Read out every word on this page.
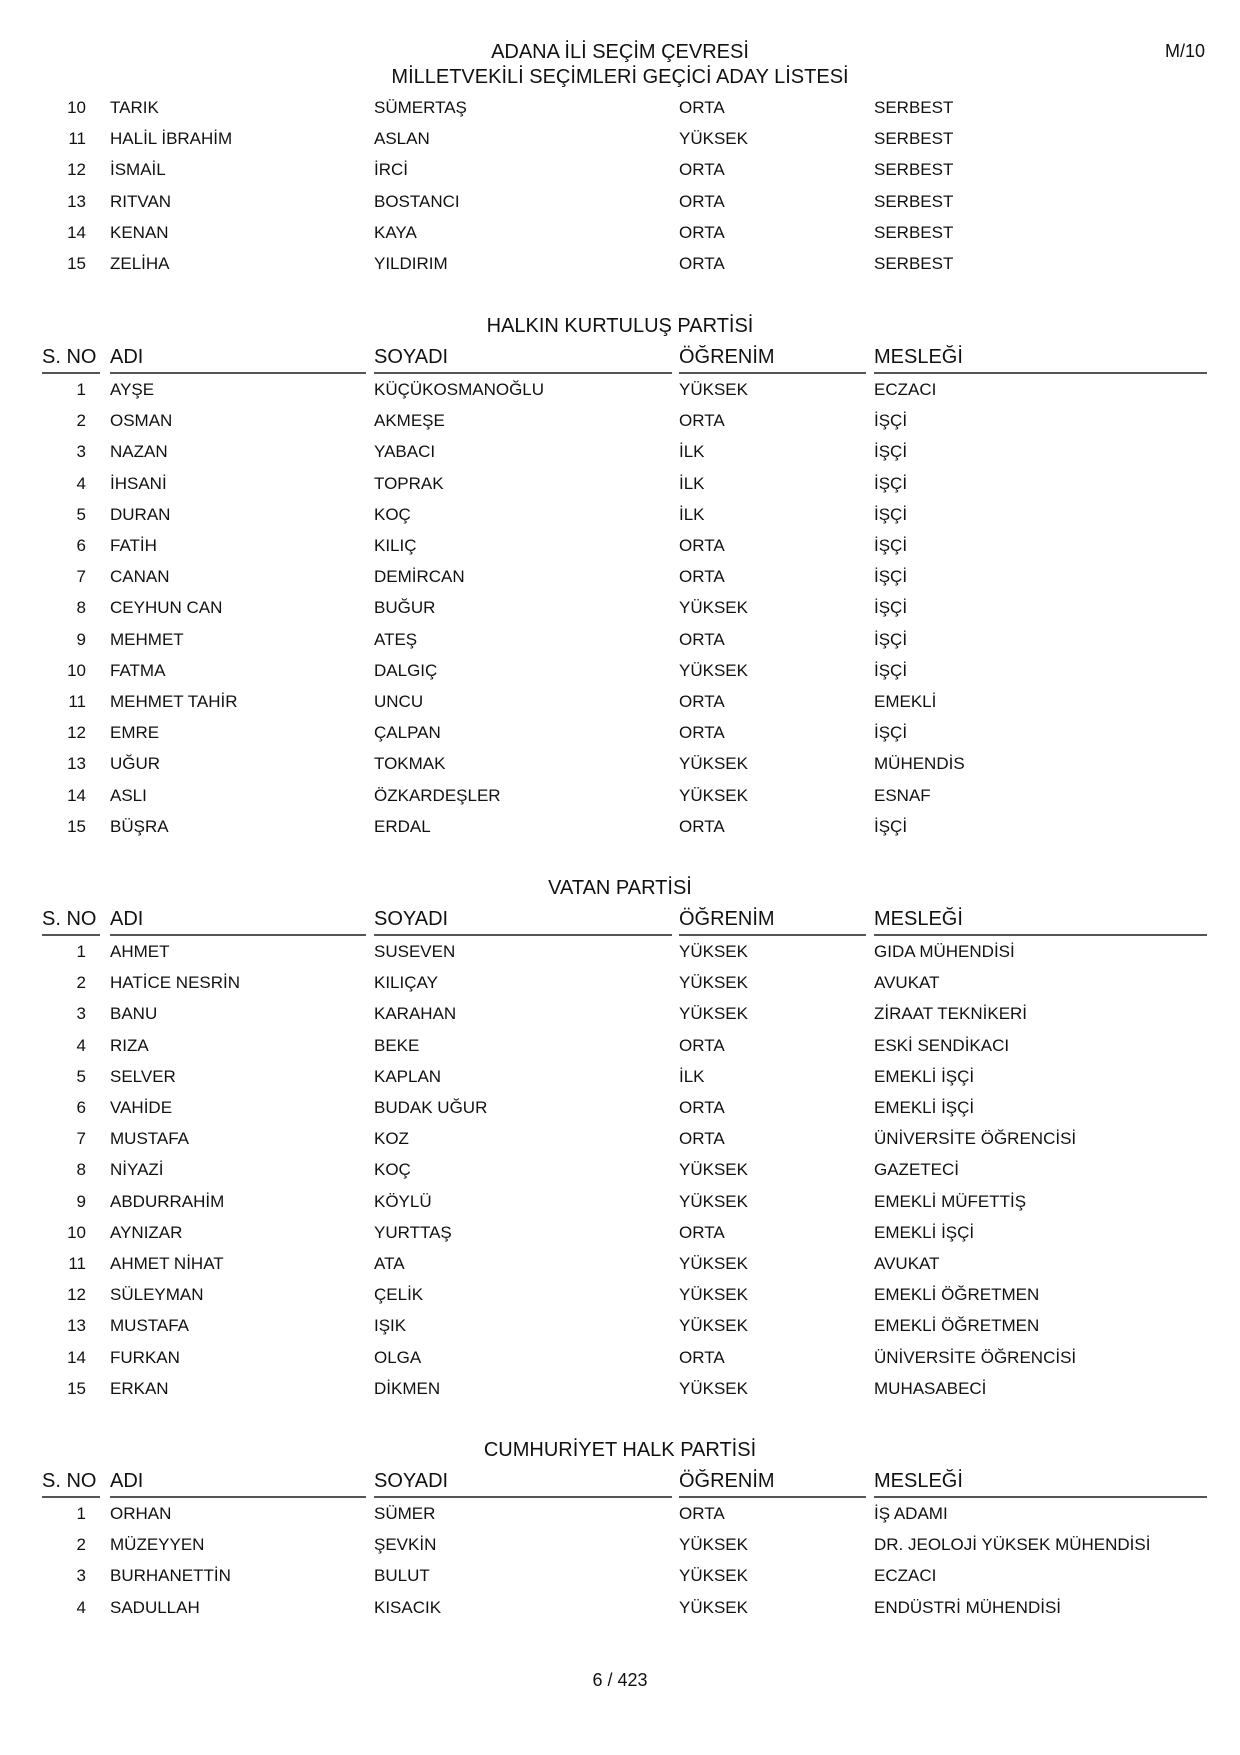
ADANA İLİ SEÇİM ÇEVRESİ
MİLLETVEKİLİ SEÇİMLERİ GEÇİCİ ADAY LİSTESİ
M/10
10 TARIK	SÜMERTAŞ	ORTA	SERBEST
11 HALİL İBRAHİM	ASLAN	YÜKSEK	SERBEST
12 İSMAİL	İRCİ	ORTA	SERBEST
13 RITVAN	BOSTANCI	ORTA	SERBEST
14 KENAN	KAYA	ORTA	SERBEST
15 ZELİHA	YILDIRIM	ORTA	SERBEST
HALKIN KURTULUŞ PARTİSİ
S. NO ADI	SOYADI	ÖĞRENİM	MESLEĞİ
1 AYŞE	KÜÇÜKOSMANOĞLU	YÜKSEK	ECZACI
2 OSMAN	AKMEŞE	ORTA	İŞÇİ
3 NAZAN	YABACI	İLK	İŞÇİ
4 İHSANİ	TOPRAK	İLK	İŞÇİ
5 DURAN	KOÇ	İLK	İŞÇİ
6 FATİH	KILIÇ	ORTA	İŞÇİ
7 CANAN	DEMİRCAN	ORTA	İŞÇİ
8 CEYHUN CAN	BUĞUR	YÜKSEK	İŞÇİ
9 MEHMET	ATEŞ	ORTA	İŞÇİ
10 FATMA	DALGIÇ	YÜKSEK	İŞÇİ
11 MEHMET TAHİR	UNCU	ORTA	EMEKLİ
12 EMRE	ÇALPAN	ORTA	İŞÇİ
13 UĞUR	TOKMAK	YÜKSEK	MÜHENDİS
14 ASLI	ÖZKARDEŞLER	YÜKSEK	ESNAF
15 BÜŞRA	ERDAL	ORTA	İŞÇİ
VATAN PARTİSİ
S. NO ADI	SOYADI	ÖĞRENİM	MESLEĞİ
1 AHMET	SUSEVEN	YÜKSEK	GIDA MÜHENDİSİ
2 HATİCE NESRİN	KILIÇAY	YÜKSEK	AVUKAT
3 BANU	KARAHAN	YÜKSEK	ZİRAAT TEKNİKERİ
4 RIZA	BEKE	ORTA	ESKİ SENDİKACI
5 SELVER	KAPLAN	İLK	EMEKLİ İŞÇİ
6 VAHİDE	BUDAK UĞUR	ORTA	EMEKLİ İŞÇİ
7 MUSTAFA	KOZ	ORTA	ÜNİVERSİTE ÖĞRENCİSİ
8 NİYAZİ	KOÇ	YÜKSEK	GAZETECİ
9 ABDURRAHİM	KÖYLÜ	YÜKSEK	EMEKLİ MÜFETTİŞ
10 AYNIZAR	YURTTAŞ	ORTA	EMEKLİ İŞÇİ
11 AHMET NİHAT	ATA	YÜKSEK	AVUKAT
12 SÜLEYMAN	ÇELİK	YÜKSEK	EMEKLİ ÖĞRETMEN
13 MUSTAFA	IŞIK	YÜKSEK	EMEKLİ ÖĞRETMEN
14 FURKAN	OLGA	ORTA	ÜNİVERSİTE ÖĞRENCİSİ
15 ERKAN	DİKMEN	YÜKSEK	MUHASABECİ
CUMHURİYET HALK PARTİSİ
S. NO ADI	SOYADI	ÖĞRENİM	MESLEĞİ
1 ORHAN	SÜMER	ORTA	İŞ ADAMI
2 MÜZEYYEN	ŞEVKİN	YÜKSEK	DR. JEOLOJİ YÜKSEK MÜHENDİSİ
3 BURHANETTİN	BULUT	YÜKSEK	ECZACI
4 SADULLAH	KISACIK	YÜKSEK	ENDÜSTRİ MÜHENDİSİ
6 / 423
